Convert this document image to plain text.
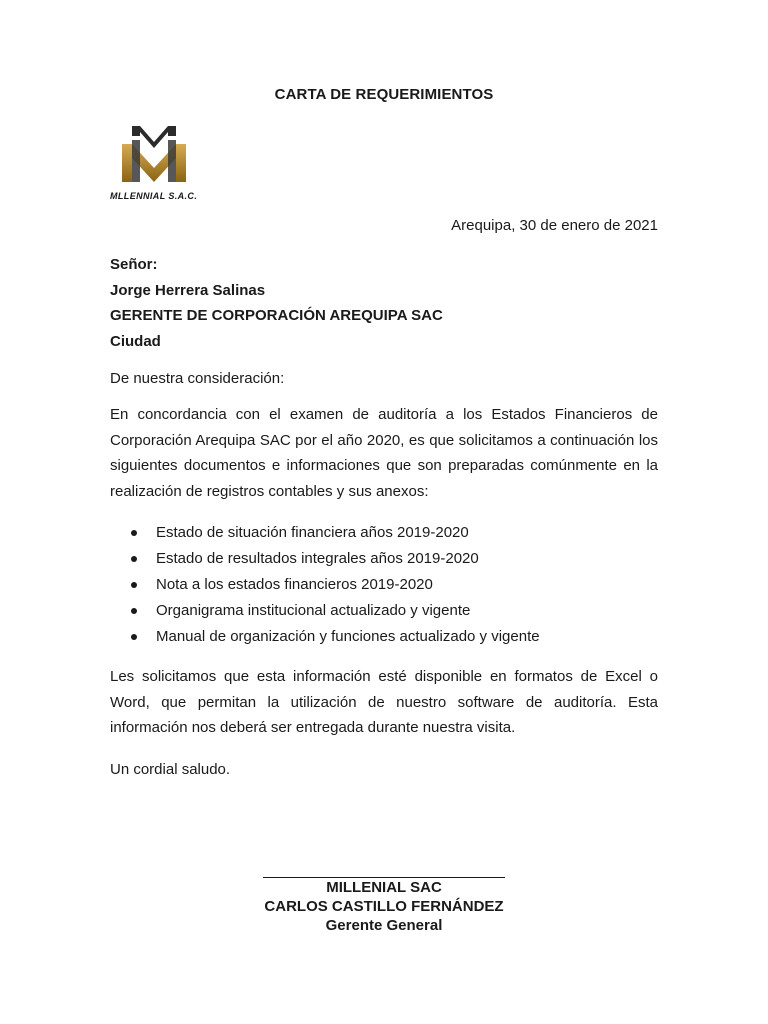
CARTA DE REQUERIMIENTOS
MLLENNIAL S.A.C.
Arequipa, 30 de enero de 2021
Señor:
Jorge Herrera Salinas
GERENTE DE CORPORACIÓN AREQUIPA SAC
Ciudad
De nuestra consideración:
En concordancia con el examen de auditoría a los Estados Financieros de Corporación Arequipa SAC por el año 2020, es que solicitamos a continuación los siguientes documentos e informaciones que son preparadas comúnmente en la realización de registros contables y sus anexos:
Estado de situación financiera años 2019-2020
Estado de resultados integrales años 2019-2020
Nota a los estados financieros 2019-2020
Organigrama institucional actualizado y vigente
Manual de organización y funciones actualizado y vigente
Les solicitamos que esta información esté disponible en formatos de Excel o Word, que permitan la utilización de nuestro software de auditoría. Esta información nos deberá ser entregada durante nuestra visita.
Un cordial saludo.
MILLENIAL SAC
CARLOS CASTILLO FERNÁNDEZ
Gerente General
